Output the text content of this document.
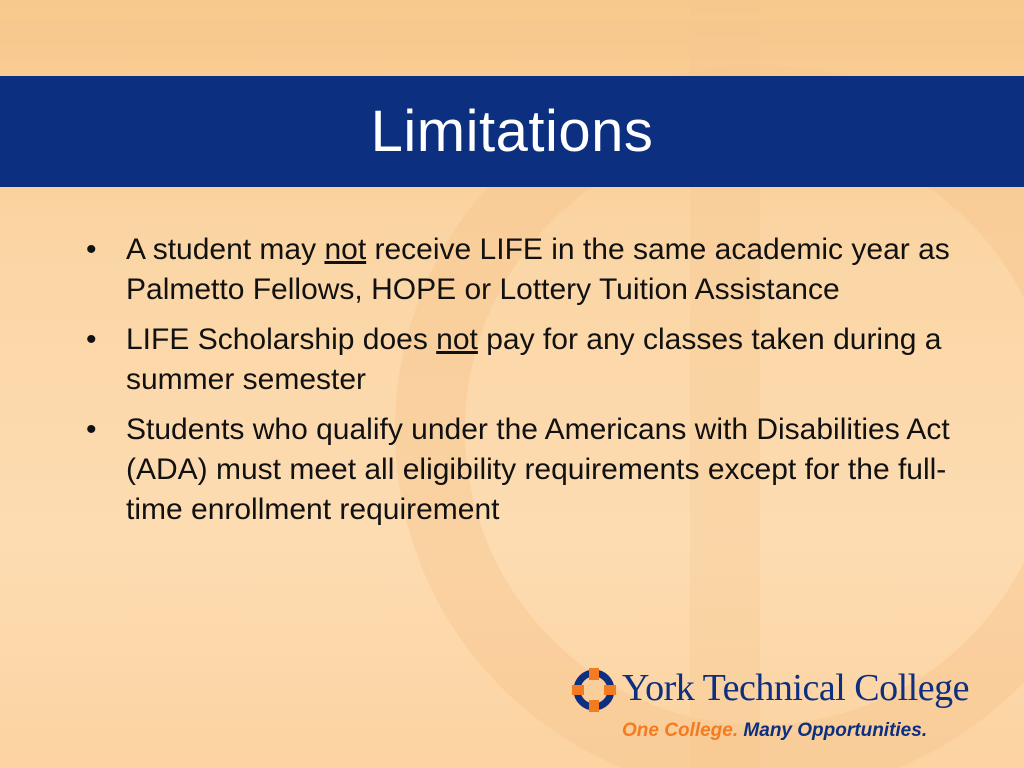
Limitations
• A student may not receive LIFE in the same academic year as Palmetto Fellows, HOPE or Lottery Tuition Assistance
• LIFE Scholarship does not pay for any classes taken during a summer semester
• Students who qualify under the Americans with Disabilities Act (ADA) must meet all eligibility requirements except for the full-time enrollment requirement
York Technical College
One College. Many Opportunities.
